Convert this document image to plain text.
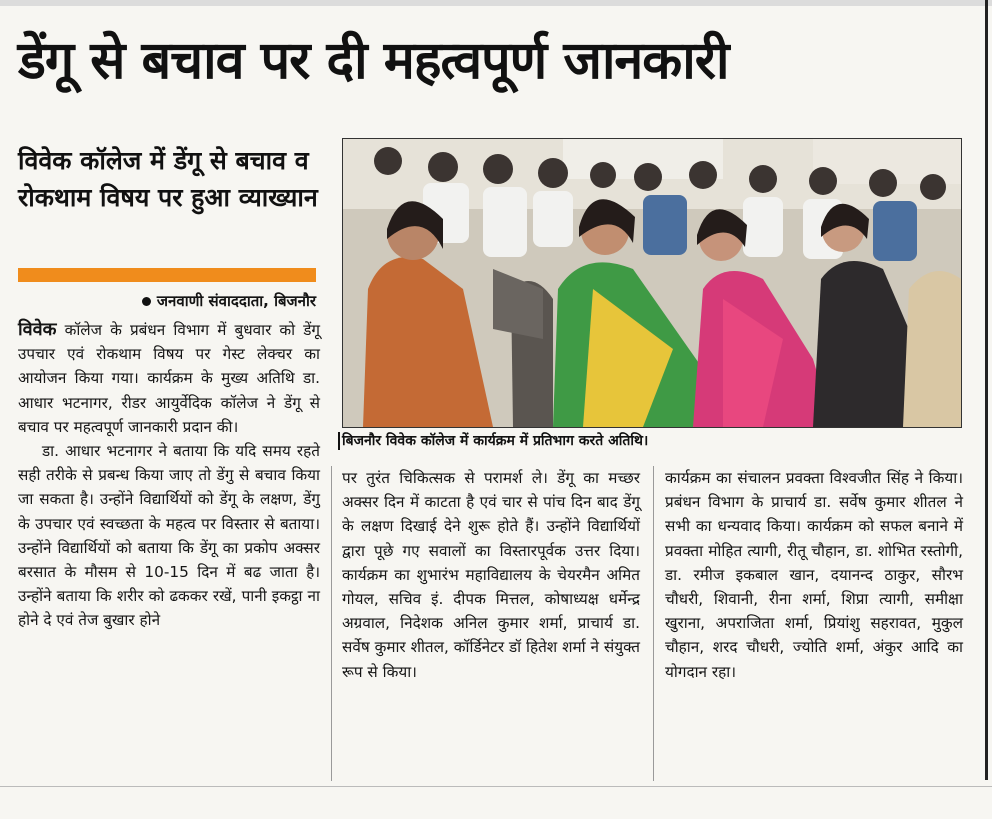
डेंगू से बचाव पर दी महत्वपूर्ण जानकारी
विवेक कॉलेज में डेंगू से बचाव व रोकथाम विषय पर हुआ व्याख्यान
जनवाणी संवाददाता, बिजनौर

विवेक कॉलेज के प्रबंधन विभाग में बुधवार को डेंगू उपचार एवं रोकथाम विषय पर गेस्ट लेक्चर का आयोजन किया गया। कार्यक्रम के मुख्य अतिथि डा. आधार भटनागर, रीडर आयुर्वेदिक कॉलेज ने डेंगू से बचाव पर महत्वपूर्ण जानकारी प्रदान की।

डा. आधार भटनागर ने बताया कि यदि समय रहते सही तरीके से प्रबन्ध किया जाए तो डेंगु से बचाव किया जा सकता है। उन्होंने विद्यार्थियों को डेंगू के लक्षण, डेंगु के उपचार एवं स्वच्छता के महत्व पर विस्तार से बताया। उन्होंने विद्यार्थियों को बताया कि डेंगू का प्रकोप अक्सर बरसात के मौसम से 10-15 दिन में बढ जाता है। उन्होंने बताया कि शरीर को ढककर रखें, पानी इकट्ठा ना होने दे एवं तेज बुखार होने

बिजनौर विवेक कॉलेज में कार्यक्रम में प्रतिभाग करते अतिथि।

पर तुरंत चिकित्सक से परामर्श ले। डेंगू का मच्छर अक्सर दिन में काटता है एवं चार से पांच दिन बाद डेंगू के लक्षण दिखाई देने शुरू होते हैं। उन्होंने विद्यार्थियों द्वारा पूछे गए सवालों का विस्तारपूर्वक उत्तर दिया। कार्यक्रम का शुभारंभ महाविद्यालय के चेयरमैन अमित गोयल, सचिव इं. दीपक मित्तल, कोषाध्यक्ष धर्मेन्द्र अग्रवाल, निदेशक अनिल कुमार शर्मा, प्राचार्य डा. सर्वेष कुमार शीतल, कॉर्डिनेटर डॉ हितेश शर्मा ने संयुक्त रूप से किया।

कार्यक्रम का संचालन प्रवक्ता विश्वजीत सिंह ने किया। प्रबंधन विभाग के प्राचार्य डा. सर्वेष कुमार शीतल ने सभी का धन्यवाद किया। कार्यक्रम को सफल बनाने में प्रवक्ता मोहित त्यागी, रीतू चौहान, डा. शोभित रस्तोगी, डा. रमीज इकबाल खान, दयानन्द ठाकुर, सौरभ चौधरी, शिवानी, रीना शर्मा, शिप्रा त्यागी, समीक्षा खुराना, अपराजिता शर्मा, प्रियांशु सहरावत, मुकुल चौहान, शरद चौधरी, ज्योति शर्मा, अंकुर आदि का योगदान रहा।
